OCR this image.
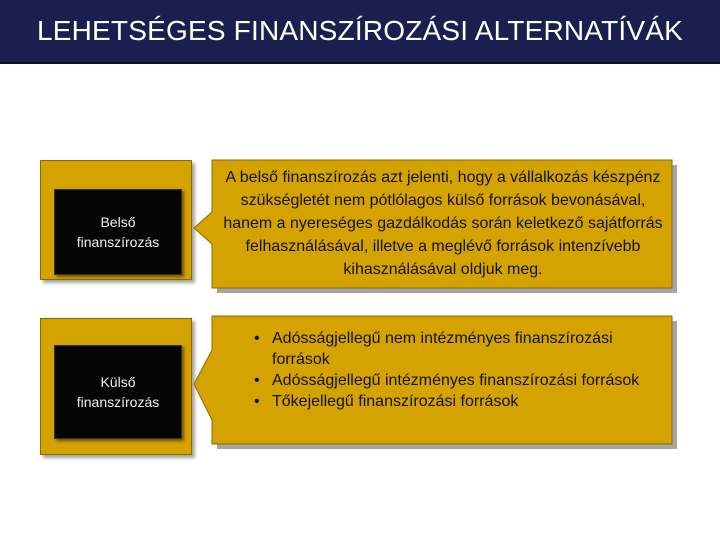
LEHETSÉGES FINANSZÍROZÁSI ALTERNATÍVÁK
Belső
finanszírozás
A belső finanszírozás azt jelenti, hogy a vállalkozás készpénz szükségletét nem pótlólagos külső források bevonásával, hanem a nyereséges gazdálkodás során keletkező sajátforrás felhasználásával, illetve a meglévő források intenzívebb kihasználásával oldjuk meg.
Külső
finanszírozás
• Adósságjellegű nem intézményes finanszírozási források
• Adósságjellegű intézményes finanszírozási források
• Tőkejellegű finanszírozási források
